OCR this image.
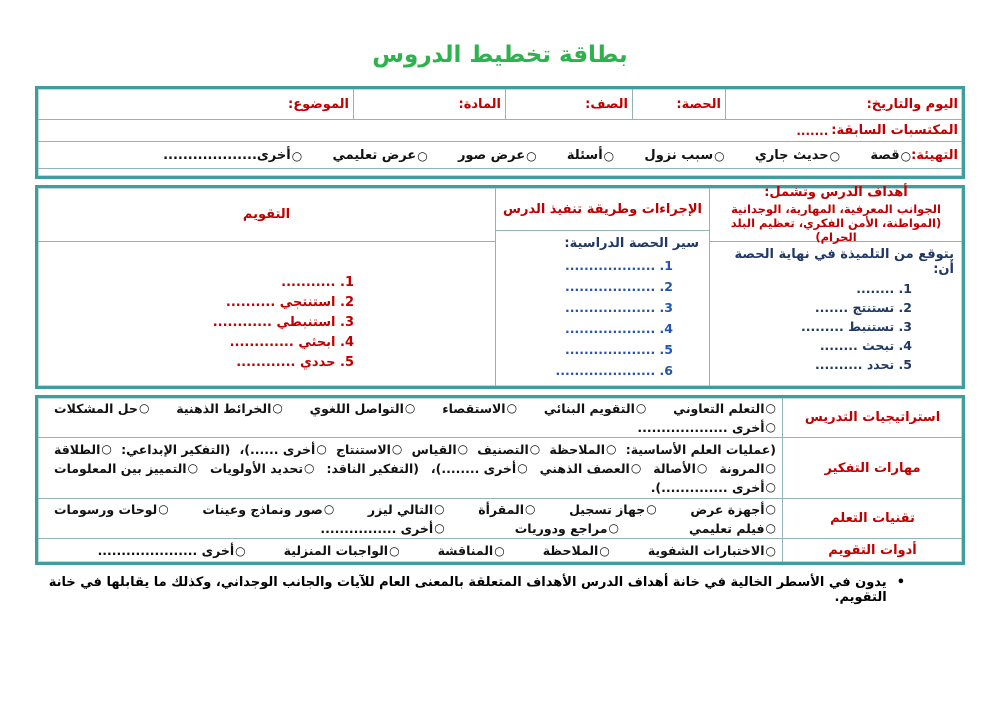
بطاقة تخطيط الدروس
اليوم والتاريخ:
الحصة:
الصف:
المادة:
الموضوع:
المكتسبات السابقة:
.......
التهيئة:
○
قصة
○
حديث جاري
○
سبب نزول
○
أسئلة
○
عرض صور
○
عرض تعليمي
○
أخرى...................
أهداف الدرس وتشمل:
الجوانب المعرفية، المهارية، الوجدانية (المواطنة، الأمن الفكري، تعظيم البلد الحرام)
يتوقع من التلميذة في نهاية الحصة أن:
1. ........
2. تستنتج .......
3. تستنبط .........
4. تبحث ........
5. تحدد ..........
الإجراءات وطريقة تنفيذ الدرس
سير الحصة الدراسية:
1. ...................
2. ...................
3. ...................
4. ...................
5. ...................
6. .....................
التقويم
1. ...........
2. استنتجي ..........
3. استنبطي ............
4. ابحثي .............
5. حددي ............
استراتيجيات التدريس
○
التعلم التعاوني
○
التقويم البنائي
○
الاستقصاء
○
التواصل اللغوي
○
الخرائط الذهنية
○
حل المشكلات
○
أخرى ...................
مهارات التفكير
(عمليات العلم الأساسية:
○
الملاحظة
○
التصنيف
○
القياس
○
الاستنتاج
○
أخرى ......)،
(التفكير الإبداعي:
○
الطلاقة
○
المرونة
○
الأصالة
○
العصف الذهني
○
أخرى ........)،
(التفكير الناقد:
○
تحديد الأولويات
○
التمييز بين المعلومات
○
أخرى ..............).
تقنيات التعلم
○
أجهزة عرض
○
جهاز تسجيل
○
المقرأة
○
التالي ليزر
○
صور ونماذج وعينات
○
لوحات ورسومات
○
فيلم تعليمي
○
مراجع ودوريات
○
أخرى ................
أدوات التقويم
○
الاختبارات الشفوية
○
الملاحظة
○
المناقشة
○
الواجبات المنزلية
○
أخرى .....................
•
يدون في الأسطر الخالية في خانة أهداف الدرس الأهداف المتعلقة بالمعنى العام للآيات والجانب الوجداني، وكذلك ما يقابلها في خانة التقويم.
